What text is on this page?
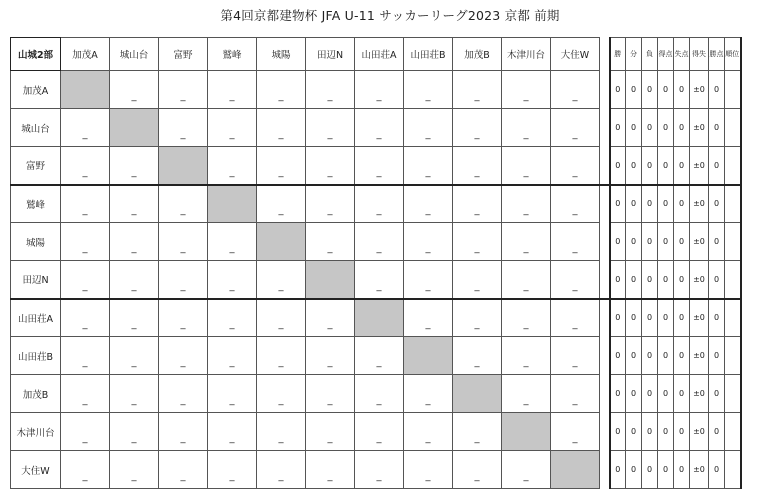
第4回京都建物杯 JFA U-11 サッカーリーグ2023 京都 前期
山城2部	加茂A	城山台	富野	鷲峰	城陽	田辺N	山田荘A	山田荘B	加茂B	木津川台	大住W		勝	分	負	得点	失点	得失	勝点	順位
加茂A		_	_	_	_	_	_	_	_	_	_		0	0	0	0	0	±0	0	
城山台	_		_	_	_	_	_	_	_	_	_		0	0	0	0	0	±0	0	
富野	_	_		_	_	_	_	_	_	_	_		0	0	0	0	0	±0	0	
鷲峰	_	_	_		_	_	_	_	_	_	_		0	0	0	0	0	±0	0	
城陽	_	_	_	_		_	_	_	_	_	_		0	0	0	0	0	±0	0	
田辺N	_	_	_	_	_		_	_	_	_	_		0	0	0	0	0	±0	0	
山田荘A	_	_	_	_	_	_		_	_	_	_		0	0	0	0	0	±0	0	
山田荘B	_	_	_	_	_	_	_		_	_	_		0	0	0	0	0	±0	0	
加茂B	_	_	_	_	_	_	_	_		_	_		0	0	0	0	0	±0	0	
木津川台	_	_	_	_	_	_	_	_	_		_		0	0	0	0	0	±0	0	
大住W	_	_	_	_	_	_	_	_	_	_			0	0	0	0	0	±0	0	
